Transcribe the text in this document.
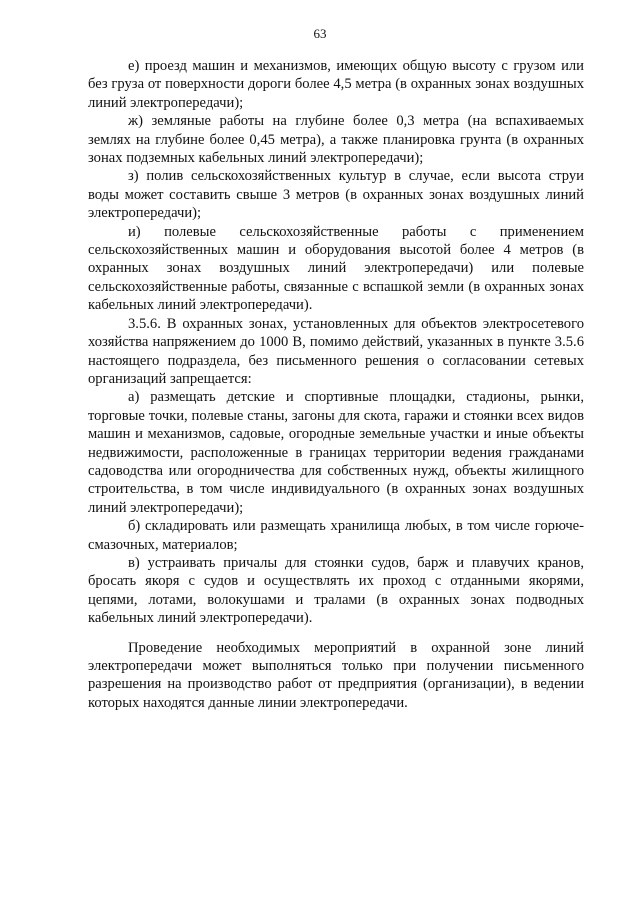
63

е) проезд машин и механизмов, имеющих общую высоту с грузом или без груза от поверхности дороги более 4,5 метра (в охранных зонах воздушных линий электропередачи);

ж) земляные работы на глубине более 0,3 метра (на вспахиваемых землях на глубине более 0,45 метра), а также планировка грунта (в охранных зонах подземных кабельных линий электропередачи);

з) полив сельскохозяйственных культур в случае, если высота струи воды может составить свыше 3 метров (в охранных зонах воздушных линий электропередачи);

и) полевые сельскохозяйственные работы с применением сельскохозяйственных машин и оборудования высотой более 4 метров (в охранных зонах воздушных линий электропередачи) или полевые сельскохозяйственные работы, связанные с вспашкой земли (в охранных зонах кабельных линий электропередачи).

3.5.6. В охранных зонах, установленных для объектов электросетевого хозяйства напряжением до 1000 В, помимо действий, указанных в пункте 3.5.6 настоящего подраздела, без письменного решения о согласовании сетевых организаций запрещается:

а) размещать детские и спортивные площадки, стадионы, рынки, торговые точки, полевые станы, загоны для скота, гаражи и стоянки всех видов машин и механизмов, садовые, огородные земельные участки и иные объекты недвижимости, расположенные в границах территории ведения гражданами садоводства или огородничества для собственных нужд, объекты жилищного строительства, в том числе индивидуального (в охранных зонах воздушных линий электропередачи);

б) складировать или размещать хранилища любых, в том числе горюче-смазочных, материалов;

в) устраивать причалы для стоянки судов, барж и плавучих кранов, бросать якоря с судов и осуществлять их проход с отданными якорями, цепями, лотами, волокушами и тралами (в охранных зонах подводных кабельных линий электропередачи).

Проведение необходимых мероприятий в охранной зоне линий электропередачи может выполняться только при получении письменного разрешения на производство работ от предприятия (организации), в ведении которых находятся данные линии электропередачи.
